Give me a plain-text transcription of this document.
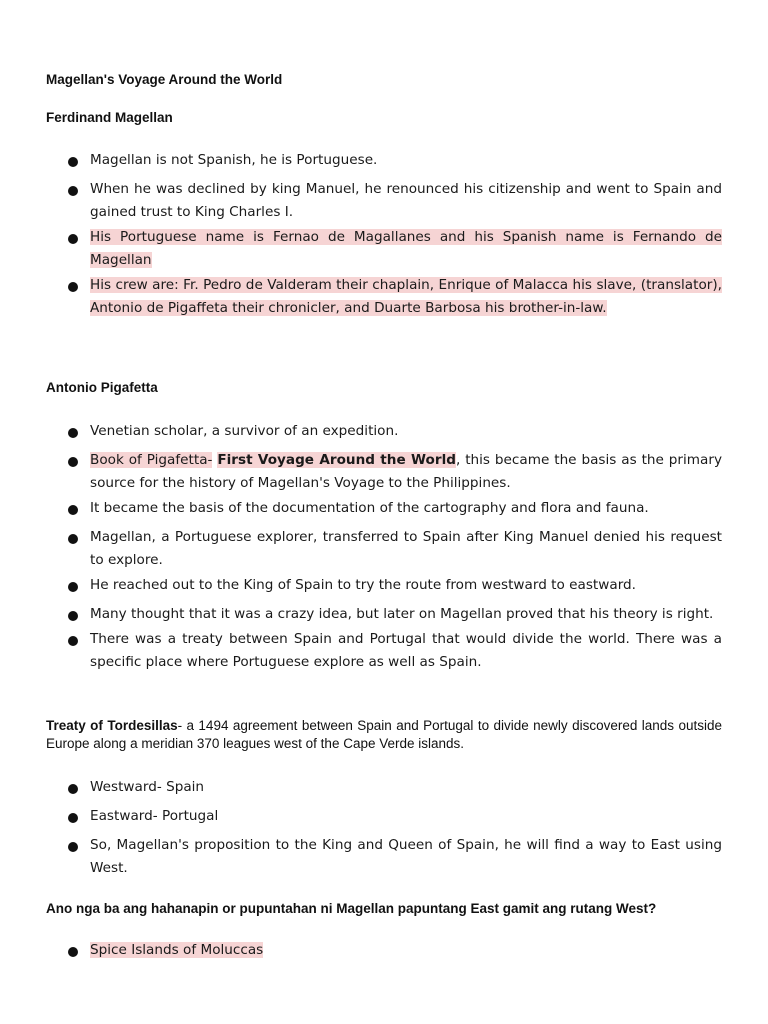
Magellan's Voyage Around the World
Ferdinand Magellan
Magellan is not Spanish, he is Portuguese.
When he was declined by king Manuel, he renounced his citizenship and went to Spain and gained trust to King Charles I.
His Portuguese name is Fernao de Magallanes and his Spanish name is Fernando de Magellan
His crew are: Fr. Pedro de Valderam their chaplain, Enrique of Malacca his slave, (translator), Antonio de Pigaffeta their chronicler, and Duarte Barbosa his brother-in-law.
Antonio Pigafetta
Venetian scholar, a survivor of an expedition.
Book of Pigafetta- First Voyage Around the World, this became the basis as the primary source for the history of Magellan's Voyage to the Philippines.
It became the basis of the documentation of the cartography and flora and fauna.
Magellan, a Portuguese explorer, transferred to Spain after King Manuel denied his request to explore.
He reached out to the King of Spain to try the route from westward to eastward.
Many thought that it was a crazy idea, but later on Magellan proved that his theory is right.
There was a treaty between Spain and Portugal that would divide the world. There was a specific place where Portuguese explore as well as Spain.

Treaty of Tordesillas- a 1494 agreement between Spain and Portugal to divide newly discovered lands outside Europe along a meridian 370 leagues west of the Cape Verde islands.

Westward- Spain
Eastward- Portugal
So, Magellan's proposition to the King and Queen of Spain, he will find a way to East using West.

Ano nga ba ang hahanapin or pupuntahan ni Magellan papuntang East gamit ang rutang West?

Spice Islands of Moluccas
